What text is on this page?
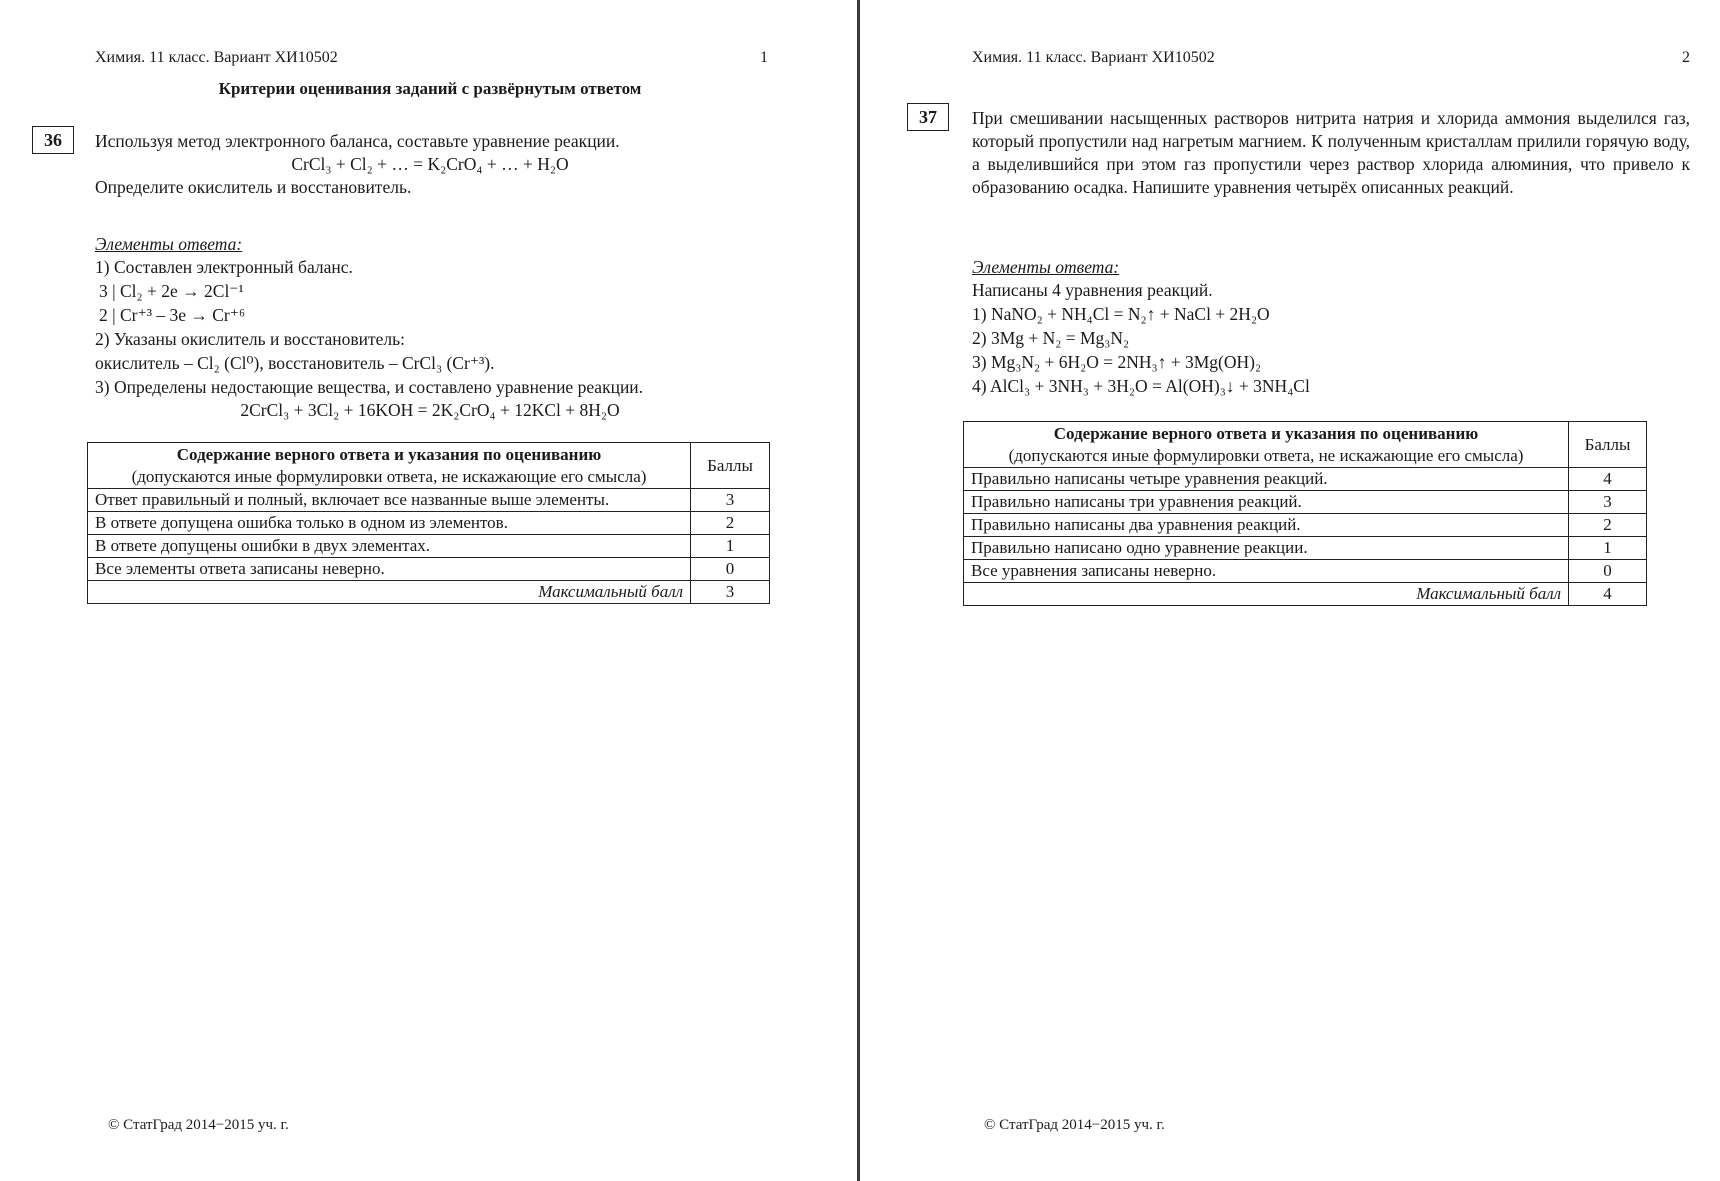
Химия. 11 класс. Вариант ХИ10502	1
Критерии оценивания заданий с развёрнутым ответом
36	Используя метод электронного баланса, составьте уравнение реакции.
CrCl₃ + Cl₂ + … = K₂CrO₄ + … + H₂O
Определите окислитель и восстановитель.
Элементы ответа:
1) Составлен электронный баланс.
3 | Cl₂ + 2e → 2Cl⁻¹
2 | Cr⁺³ – 3e → Cr⁺⁶
2) Указаны окислитель и восстановитель:
окислитель – Cl₂ (Cl⁰), восстановитель – CrCl₃ (Cr⁺³).
3) Определены недостающие вещества, и составлено уравнение реакции.
2CrCl₃ + 3Cl₂ + 16KOH = 2K₂CrO₄ + 12KCl + 8H₂O
Содержание верного ответа и указания по оцениванию
(допускаются иные формулировки ответа, не искажающие его смысла)	Баллы
Ответ правильный и полный, включает все названные выше элементы.	3
В ответе допущена ошибка только в одном из элементов.	2
В ответе допущены ошибки в двух элементах.	1
Все элементы ответа записаны неверно.	0
Максимальный балл	3
© СтатГрад 2014−2015 уч. г.
Химия. 11 класс. Вариант ХИ10502	2
37	При смешивании насыщенных растворов нитрита натрия и хлорида аммония выделился газ, который пропустили над нагретым магнием. К полученным кристаллам прилили горячую воду, а выделившийся при этом газ пропустили через раствор хлорида алюминия, что привело к образованию осадка. Напишите уравнения четырёх описанных реакций.
Элементы ответа:
Написаны 4 уравнения реакций.
1) NaNO₂ + NH₄Cl = N₂↑ + NaCl + 2H₂O
2) 3Mg + N₂ = Mg₃N₂
3) Mg₃N₂ + 6H₂O = 2NH₃↑ + 3Mg(OH)₂
4) AlCl₃ + 3NH₃ + 3H₂O = Al(OH)₃↓ + 3NH₄Cl
Содержание верного ответа и указания по оцениванию
(допускаются иные формулировки ответа, не искажающие его смысла)	Баллы
Правильно написаны четыре уравнения реакций.	4
Правильно написаны три уравнения реакций.	3
Правильно написаны два уравнения реакций.	2
Правильно написано одно уравнение реакции.	1
Все уравнения записаны неверно.	0
Максимальный балл	4
© СтатГрад 2014−2015 уч. г.
